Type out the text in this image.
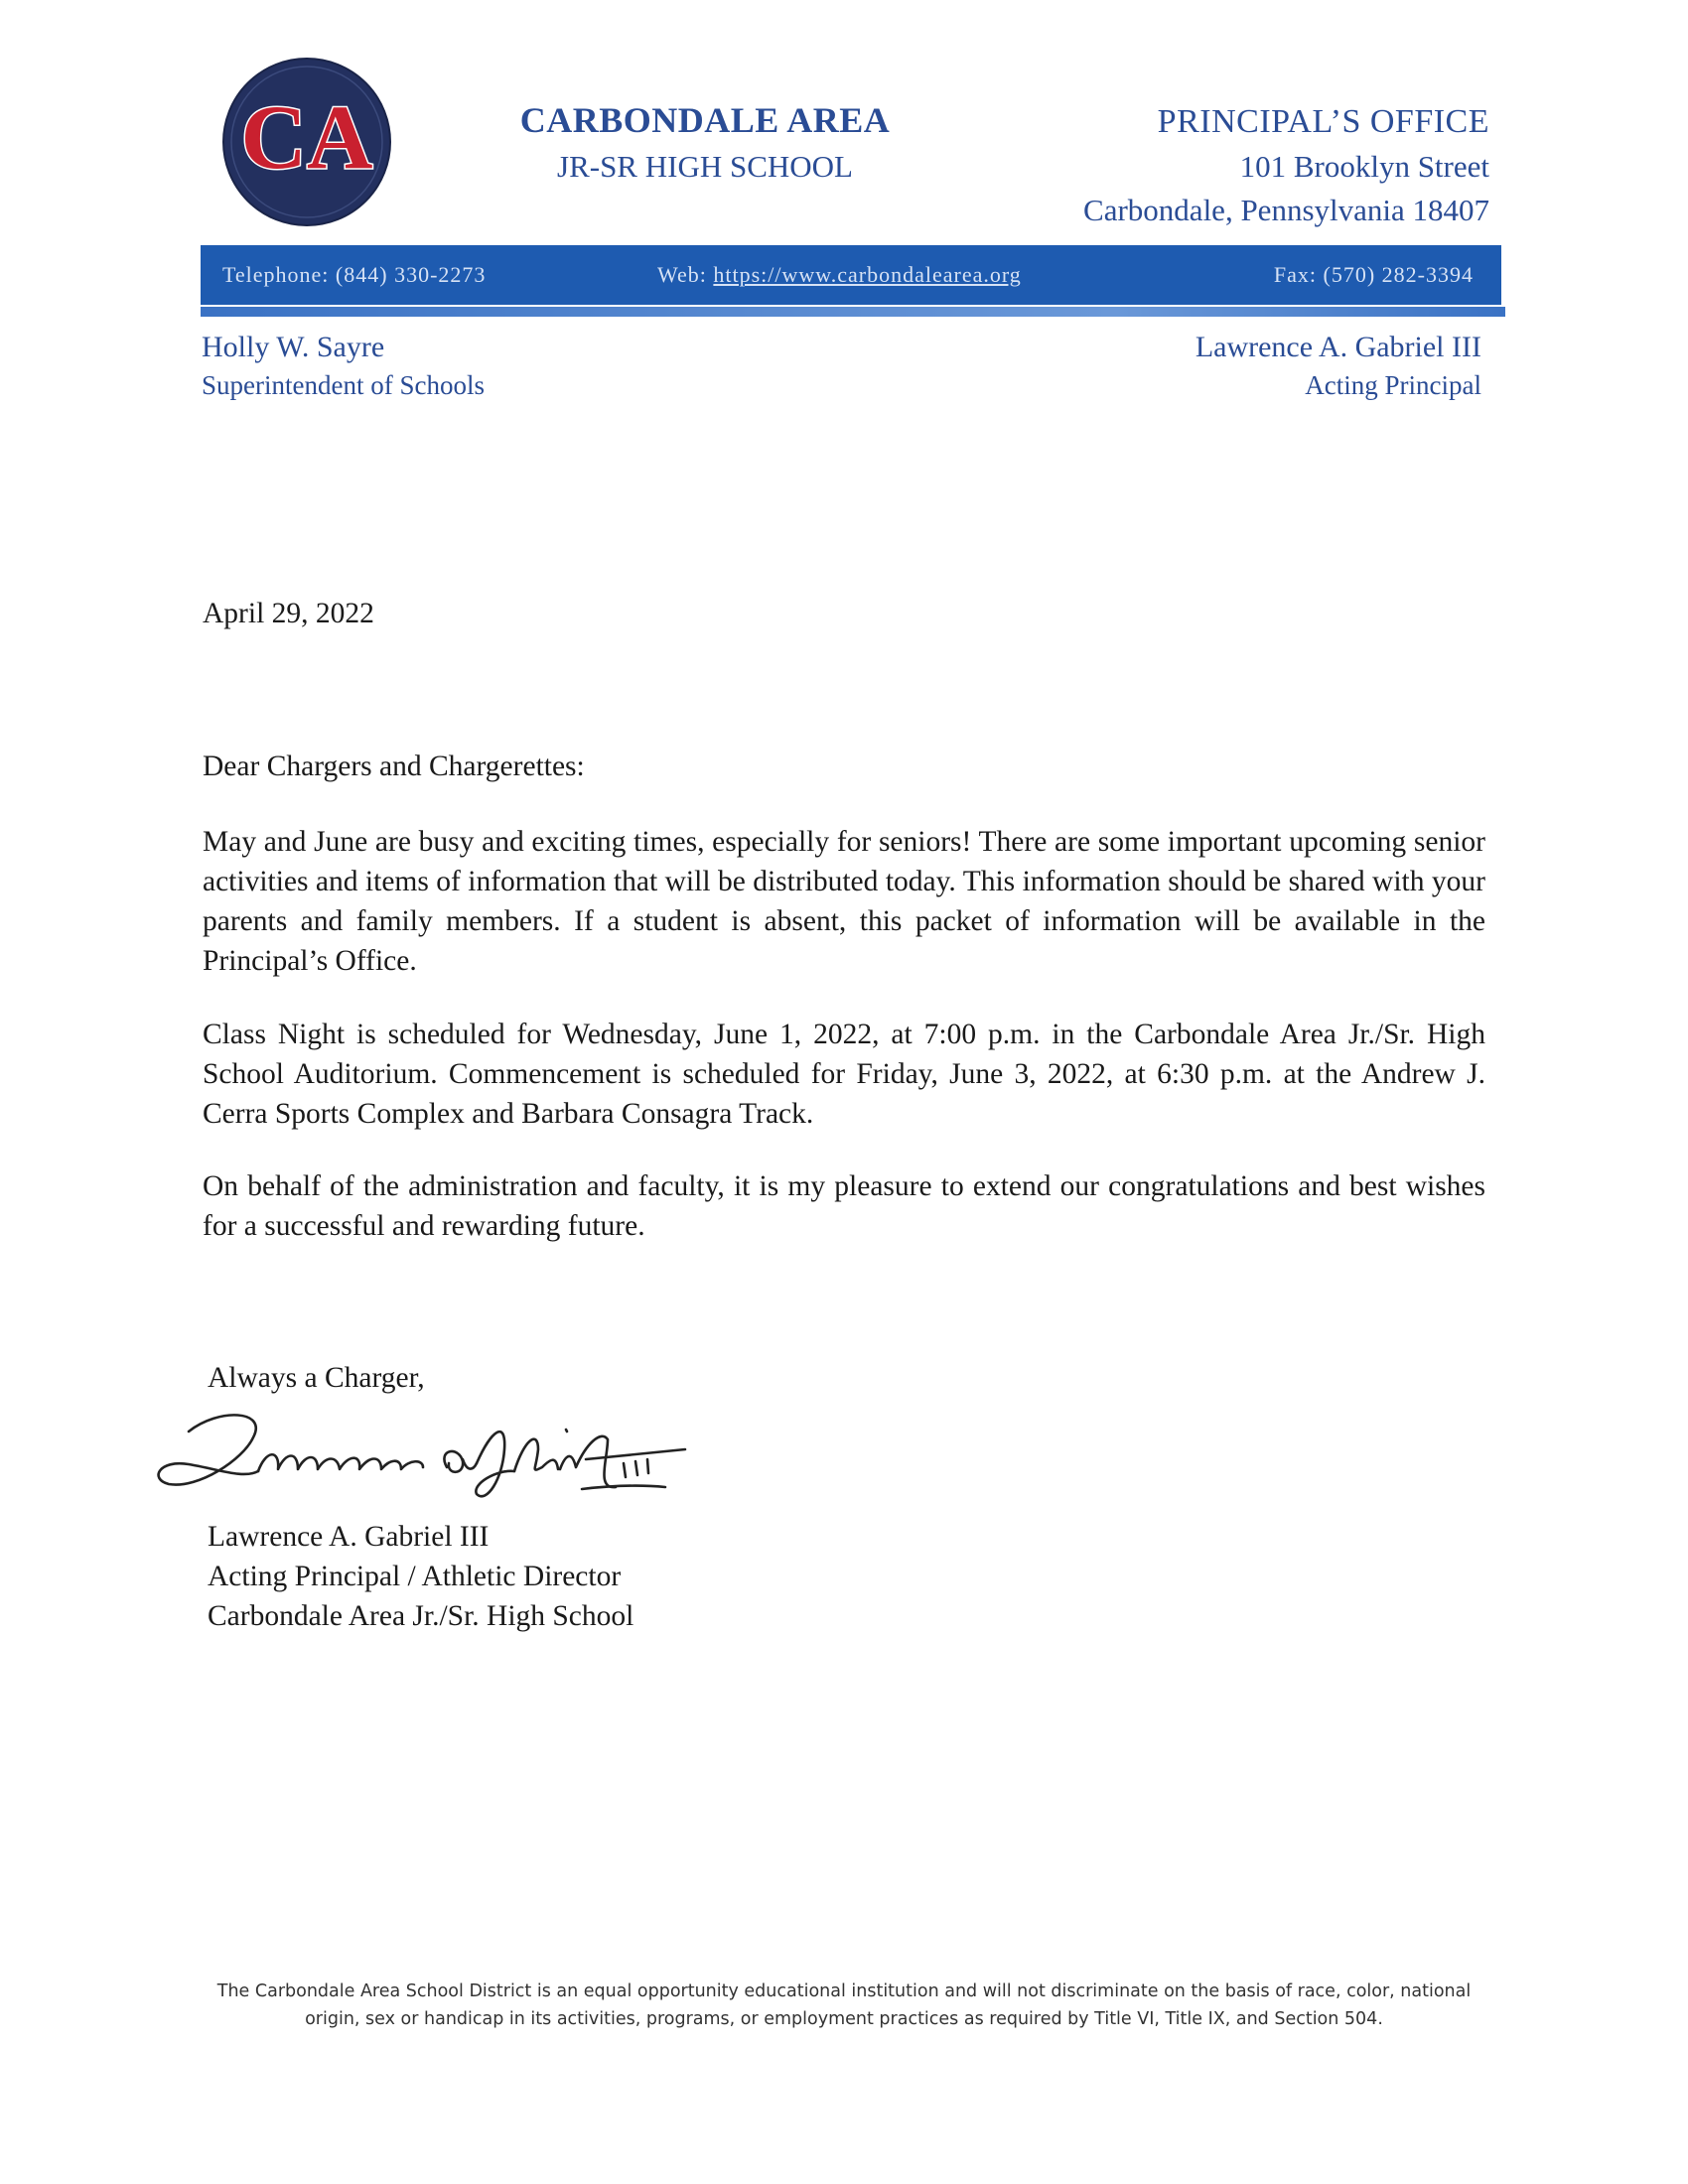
CA	CARBONDALE AREA
JR-SR HIGH SCHOOL
PRINCIPAL’S OFFICE
101 Brooklyn Street
Carbondale, Pennsylvania 18407
Telephone: (844) 330-2273	Web: https://www.carbondalearea.org	Fax: (570) 282-3394
Holly W. Sayre
Superintendent of Schools
Lawrence A. Gabriel III
Acting Principal
April 29, 2022
Dear Chargers and Chargerettes:
May and June are busy and exciting times, especially for seniors! There are some important upcoming senior activities and items of information that will be distributed today. This information should be shared with your parents and family members. If a student is absent, this packet of information will be available in the Principal’s Office.
Class Night is scheduled for Wednesday, June 1, 2022, at 7:00 p.m. in the Carbondale Area Jr./Sr. High School Auditorium. Commencement is scheduled for Friday, June 3, 2022, at 6:30 p.m. at the Andrew J. Cerra Sports Complex and Barbara Consagra Track.
On behalf of the administration and faculty, it is my pleasure to extend our congratulations and best wishes for a successful and rewarding future.
Always a Charger,
Lawrence A. Gabriel III
Acting Principal / Athletic Director
Carbondale Area Jr./Sr. High School
The Carbondale Area School District is an equal opportunity educational institution and will not discriminate on the basis of race, color, national
origin, sex or handicap in its activities, programs, or employment practices as required by Title VI, Title IX, and Section 504.
